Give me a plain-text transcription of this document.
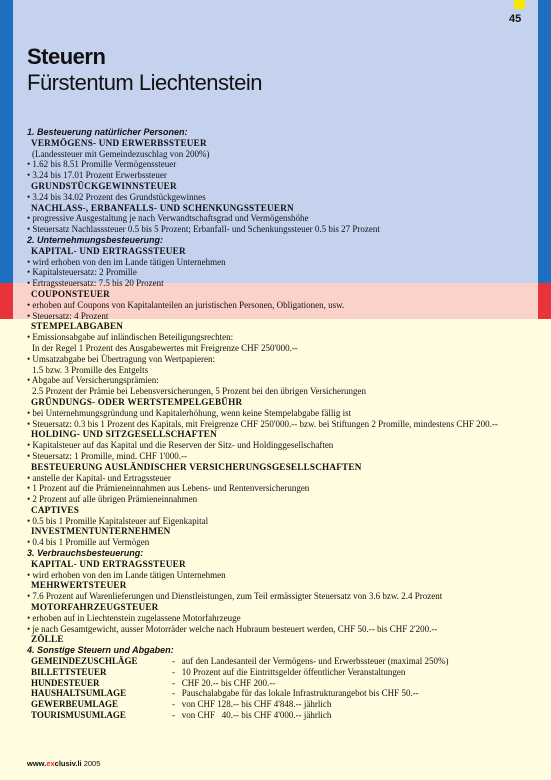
45
Steuern
Fürstentum Liechtenstein
1. Besteuerung natürlicher Personen:
VERMÖGENS- UND ERWERBSSTEUER
(Landessteuer mit Gemeindezuschlag von 200%)
• 1.62 bis 8.51 Promille Vermögenssteuer
• 3.24 bis 17.01 Prozent Erwerbssteuer
GRUNDSTÜCKGEWINNSTEUER
• 3.24 bis 34.02 Prozent des Grundstückgewinnes
NACHLASS-, ERBANFALLS- UND SCHENKUNGSSTEUERN
• progressive Ausgestaltung je nach Verwandtschaftsgrad und Vermögenshöhe
• Steuersatz Nachlasssteuer 0.5 bis 5 Prozent; Erbanfall- und Schenkungssteuer 0.5 bis 27 Prozent
2. Unternehmungsbesteuerung:
KAPITAL- UND ERTRAGSSTEUER
• wird erhoben von den im Lande tätigen Unternehmen
• Kapitalsteuersatz: 2 Promille
• Ertragssteuersatz: 7.5 bis 20 Prozent
COUPONSTEUER
• erhoben auf Coupons von Kapitalanteilen an juristischen Personen, Obligationen, usw.
• Steuersatz: 4 Prozent
STEMPELABGABEN
• Emissionsabgabe auf inländischen Beteiligungsrechten:
In der Regel 1 Prozent des Ausgabewertes mit Freigrenze CHF 250'000.--
• Umsatzabgabe bei Übertragung von Wertpapieren:
1.5 bzw. 3 Promille des Entgelts
• Abgabe auf Versicherungsprämien:
2.5 Prozent der Prämie bei Lebensversicherungen, 5 Prozent bei den übrigen Versicherungen
GRÜNDUNGS- ODER WERTSTEMPELGEBÜHR
• bei Unternehmungsgründung und Kapitalerhöhung, wenn keine Stempelabgabe fällig ist
• Steuersatz: 0.3 bis 1 Prozent des Kapitals, mit Freigrenze CHF 250'000.-- bzw. bei Stiftungen 2 Promille, mindestens CHF 200.--
HOLDING- UND SITZGESELLSCHAFTEN
• Kapitalsteuer auf das Kapital und die Reserven der Sitz- und Holdinggesellschaften
• Steuersatz: 1 Promille, mind. CHF 1'000.--
BESTEUERUNG AUSLÄNDISCHER VERSICHERUNGSGESELLSCHAFTEN
• anstelle der Kapital- und Ertragssteuer
• 1 Prozent auf die Prämieneinnahmen aus Lebens- und Rentenversicherungen
• 2 Prozent auf alle übrigen Prämieneinnahmen
CAPTIVES
• 0.5 bis 1 Promille Kapitalsteuer auf Eigenkapital
INVESTMENTUNTERNEHMEN
• 0.4 bis 1 Promille auf Vermögen
3. Verbrauchsbesteuerung:
KAPITAL- UND ERTRAGSSTEUER
• wird erhoben von den im Lande tätigen Unternehmen
MEHRWERTSTEUER
• 7.6 Prozent auf Warenlieferungen und Dienstleistungen, zum Teil ermässigter Steuersatz von 3.6 bzw. 2.4 Prozent
MOTORFAHRZEUGSTEUER
• erhoben auf in Liechtenstein zugelassene Motorfahrzeuge
• je nach Gesamtgewicht, ausser Motorräder welche nach Hubraum besteuert werden, CHF 50.-- bis CHF 2'200.--
ZÖLLE
4. Sonstige Steuern und Abgaben:
GEMEINDEZUSCHLÄGE	-   auf den Landesanteil der Vermögens- und Erwerbssteuer (maximal 250%)
BILLETTSTEUER	-   10 Prozent auf die Eintrittsgelder öffentlicher Veranstaltungen
HUNDESTEUER	-   CHF 20.-- bis CHF 200.--
HAUSHALTSUMLAGE	-   Pauschalabgabe für das lokale Infrastrukturangebot bis CHF 50.--
GEWERBEUMLAGE	-   von CHF 128.-- bis CHF 4'848.-- jährlich
TOURISMUSUMLAGE	-   von CHF   40.-- bis CHF 4'000.-- jährlich
www.exclusiv.li 2005
